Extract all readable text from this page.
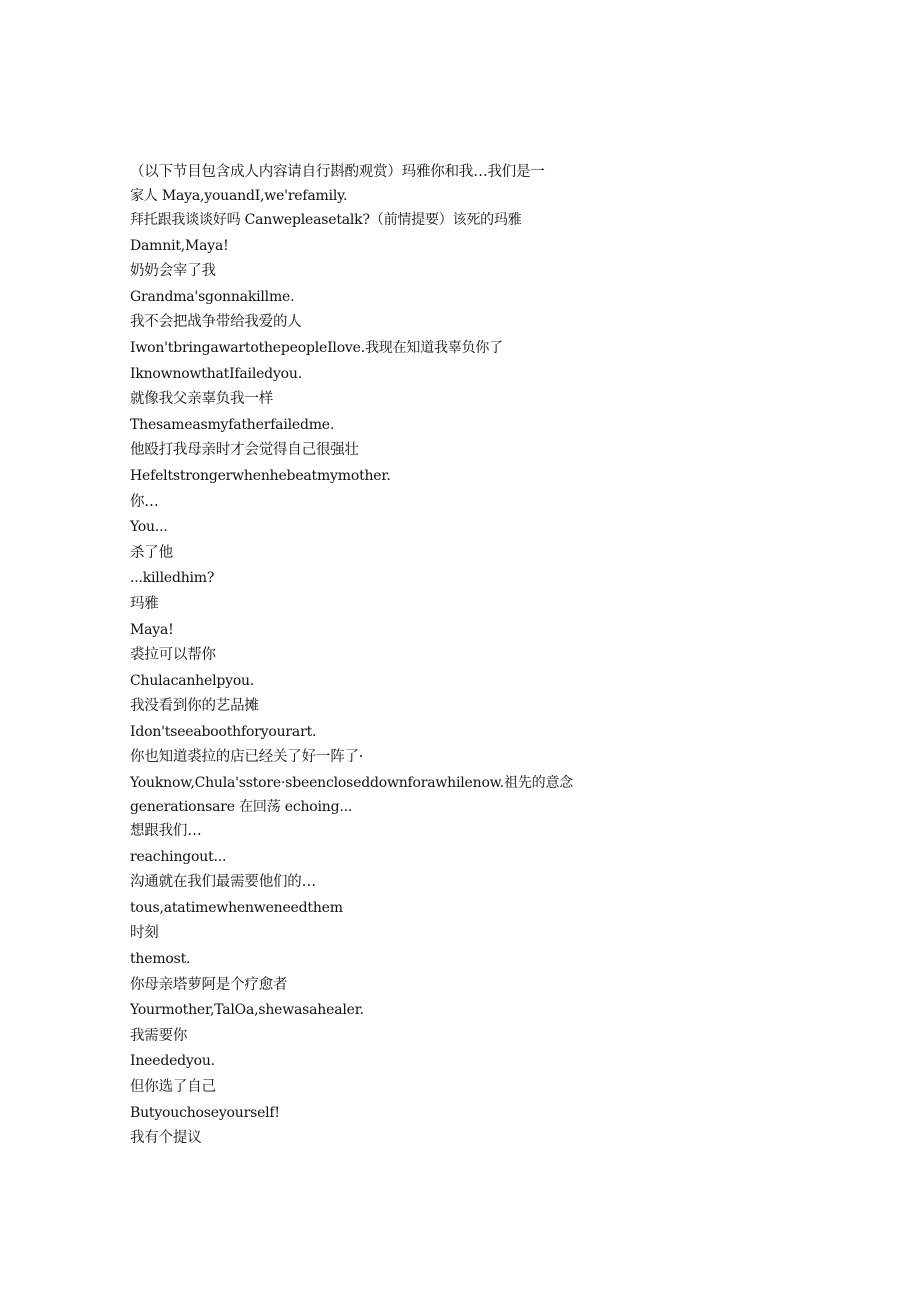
（以下节目包含成人内容请自行斟酌观赏）玛雅你和我…我们是一
家人 Maya,youandI,we'refamily.
拜托跟我谈谈好吗 Canwepleasetalk?（前情提要）该死的玛雅
Damnit,Maya!
奶奶会宰了我
Grandma'sgonnakillme.
我不会把战争带给我爱的人
Iwon'tbringawartothepeopleIlove.我现在知道我辜负你了
IknownowthatIfailedyou.
就像我父亲辜负我一样
Thesameasmyfatherfailedme.
他殴打我母亲时才会觉得自己很强壮
Hefeltstrongerwhenhebeatmymother.
你…
You...
杀了他
...killedhim?
玛雅
Maya!
裘拉可以帮你
Chulacanhelpyou.
我没看到你的艺品摊
Idon'tseeaboothforyourart.
你也知道裘拉的店已经关了好一阵了·
Youknow,Chula'sstore·sbeencloseddownforawhilenow.祖先的意念
generationsare 在回荡 echoing...
想跟我们…
reachingout...
沟通就在我们最需要他们的…
tous,atatimewhenweneedthem
时刻
themost.
你母亲塔萝阿是个疗愈者
Yourmother,TalOa,shewasahealer.
我需要你
Ineededyou.
但你选了自己
Butyouchoseyourself!
我有个提议
